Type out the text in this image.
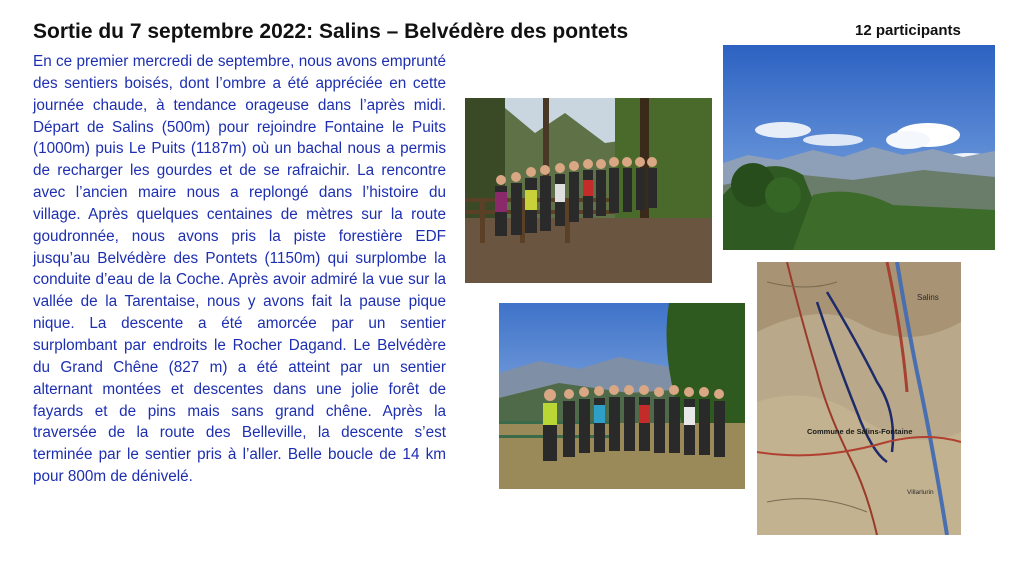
Sortie du 7 septembre 2022: Salins – Belvédère des pontets	12 participants

En ce premier mercredi de septembre, nous avons emprunté des sentiers boisés, dont l’ombre a été appréciée en cette journée chaude, à tendance orageuse dans l’après midi. Départ de Salins (500m) pour rejoindre Fontaine le Puits (1000m) puis Le Puits (1187m) où un bachal nous a permis de recharger les gourdes et de se rafraichir. La rencontre avec l’ancien maire nous a replongé dans l’histoire du village. Après quelques centaines de mètres sur la route goudronnée, nous avons pris la piste forestière EDF jusqu’au Belvédère des Pontets (1150m) qui surplombe la conduite d’eau de la Coche. Après avoir admiré la vue sur la vallée de la Tarentaise, nous y avons fait la pause pique nique. La descente a été amorcée par un sentier surplombant par endroits le Rocher Dagand. Le Belvédère du Grand Chêne (827 m) a été atteint par un sentier alternant montées et descentes dans une jolie forêt de fayards et de pins mais sans grand chêne. Après la traversée de la route des Belleville, la descente s’est terminée par le sentier pris à l’aller. Belle boucle de 14 km pour 800m de dénivelé.

Salins
Commune de Salins-Fontaine
Villarlurin
